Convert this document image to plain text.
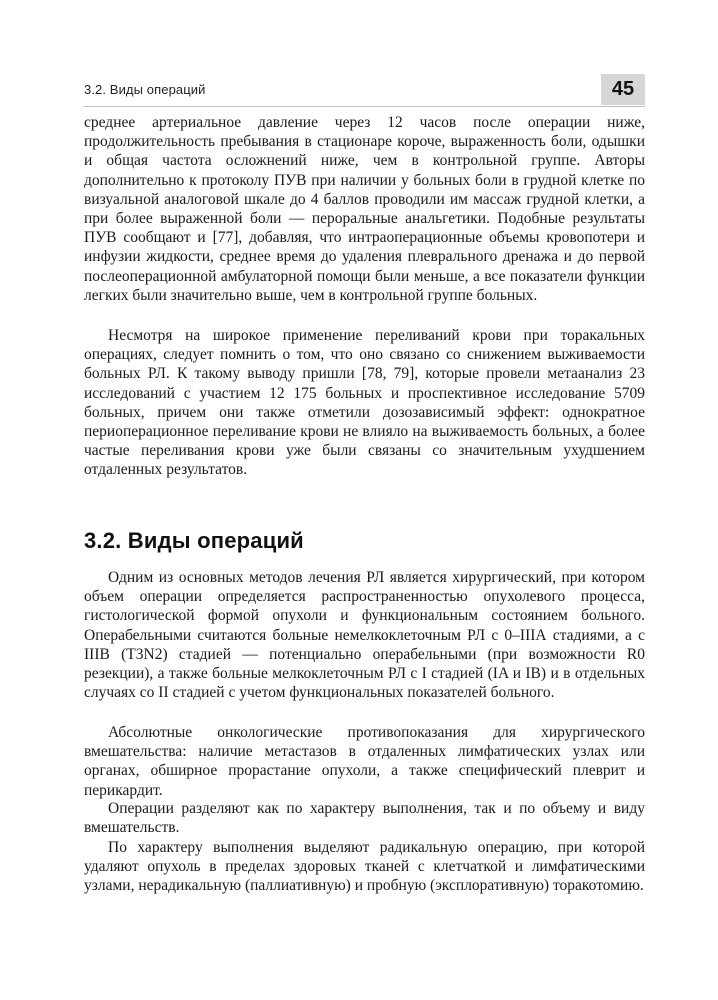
3.2. Виды операций	45

среднее артериальное давление через 12 часов после операции ниже, продолжительность пребывания в стационаре короче, выраженность боли, одышки и общая частота осложнений ниже, чем в контрольной группе. Авторы дополнительно к протоколу ПУВ при наличии у больных боли в грудной клетке по визуальной аналоговой шкале до 4 баллов проводили им массаж грудной клетки, а при более выраженной боли — пероральные анальгетики. Подобные результаты ПУВ сообщают и [77], добавляя, что интраоперационные объемы кровопотери и инфузии жидкости, среднее время до удаления плеврального дренажа и до первой послеоперационной амбулаторной помощи были меньше, а все показатели функции легких были значительно выше, чем в контрольной группе больных.

Несмотря на широкое применение переливаний крови при торакальных операциях, следует помнить о том, что оно связано со снижением выживаемости больных РЛ. К такому выводу пришли [78, 79], которые провели метаанализ 23 исследований с участием 12 175 больных и проспективное исследование 5709 больных, причем они также отметили дозозависимый эффект: однократное периоперационное переливание крови не влияло на выживаемость больных, а более частые переливания крови уже были связаны со значительным ухудшением отдаленных результатов.

3.2. Виды операций

Одним из основных методов лечения РЛ является хирургический, при котором объем операции определяется распространенностью опухолевого процесса, гистологической формой опухоли и функциональным состоянием больного. Операбельными считаются больные немелкоклеточным РЛ с 0–IIIА стадиями, а с IIIВ (T3N2) стадией — потенциально операбельными (при возможности R0 резекции), а также больные мелкоклеточным РЛ с I стадией (IA и IB) и в отдельных случаях со II стадией с учетом функциональных показателей больного.

Абсолютные онкологические противопоказания для хирургического вмешательства: наличие метастазов в отдаленных лимфатических узлах или органах, обширное прорастание опухоли, а также специфический плеврит и перикардит.

Операции разделяют как по характеру выполнения, так и по объему и виду вмешательств.

По характеру выполнения выделяют радикальную операцию, при которой удаляют опухоль в пределах здоровых тканей с клетчаткой и лимфатическими узлами, нерадикальную (паллиативную) и пробную (эксплоративную) торакотомию.
